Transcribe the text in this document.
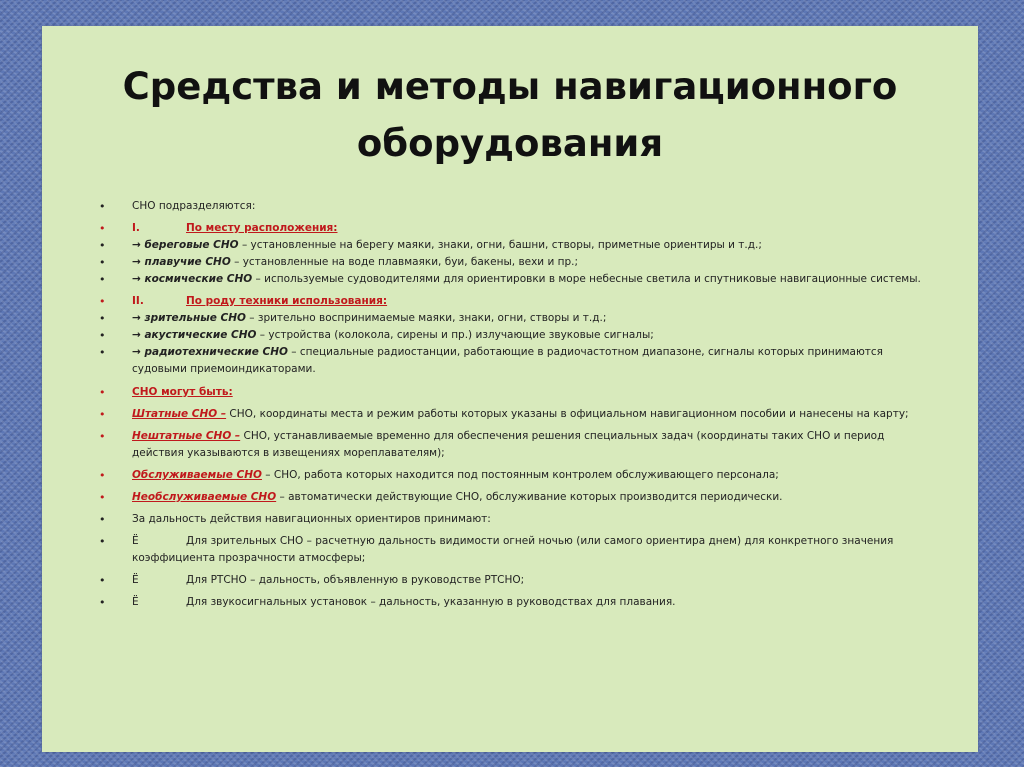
Средства и методы навигационного
оборудования
• СНО подразделяются:
• I.	По месту расположения:
• → береговые СНО – установленные на берегу маяки, знаки, огни, башни, створы, приметные ориентиры и т.д.;
• → плавучие СНО – установленные на воде плавмаяки, буи, бакены, вехи и пр.;
• → космические СНО – используемые судоводителями для ориентировки в море небесные светила и спутниковые навигационные системы.
• II.	По роду техники использования:
• → зрительные СНО – зрительно воспринимаемые маяки, знаки, огни, створы и т.д.;
• → акустические СНО – устройства (колокола, сирены и пр.) излучающие звуковые сигналы;
• → радиотехнические СНО – специальные радиостанции, работающие в радиочастотном диапазоне, сигналы которых принимаются судовыми приемоиндикаторами.
• СНО могут быть:
• Штатные СНО – СНО, координаты места и режим работы которых указаны в официальном навигационном пособии и нанесены на карту;
• Нештатные СНО – СНО, устанавливаемые временно для обеспечения решения специальных задач (координаты таких СНО и период действия указываются в извещениях мореплавателям);
• Обслуживаемые СНО – СНО, работа которых находится под постоянным контролем обслуживающего персонала;
• Необслуживаемые СНО – автоматически действующие СНО, обслуживание которых производится периодически.
• За дальность действия навигационных ориентиров принимают:
• Ё	Для зрительных СНО – расчетную дальность видимости огней ночью (или самого ориентира днем) для конкретного значения коэффициента прозрачности атмосферы;
• Ё	Для РТСНО – дальность, объявленную в руководстве РТСНО;
• Ё	Для звукосигнальных установок – дальность, указанную в руководствах для плавания.
